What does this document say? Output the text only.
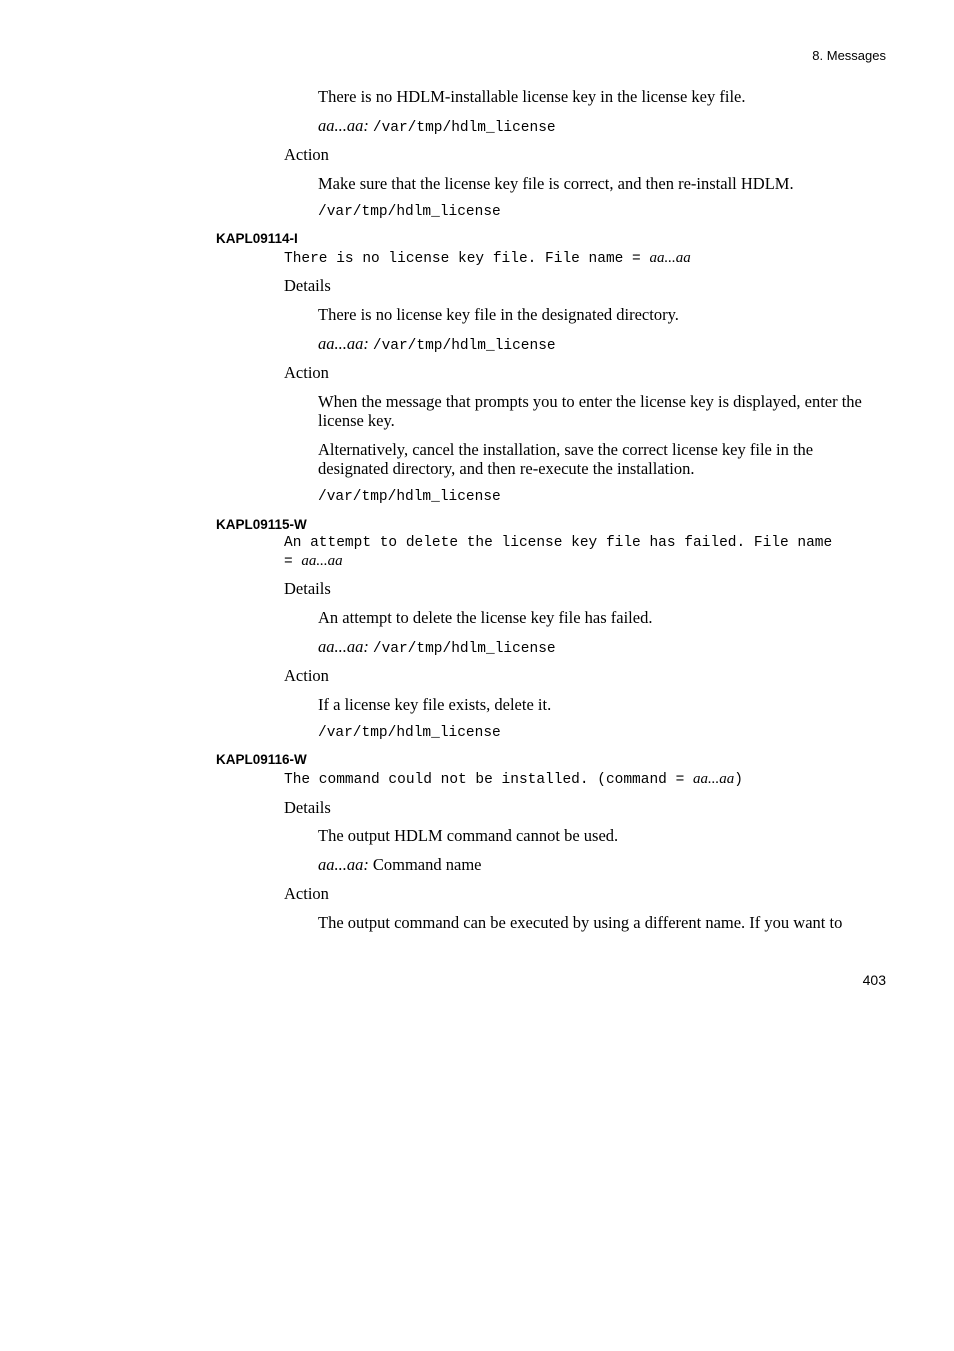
8. Messages
There is no HDLM-installable license key in the license key file.
aa...aa: /var/tmp/hdlm_license
Action
Make sure that the license key file is correct, and then re-install HDLM.
/var/tmp/hdlm_license
KAPL09114-I
There is no license key file. File name = aa...aa
Details
There is no license key file in the designated directory.
aa...aa: /var/tmp/hdlm_license
Action
When the message that prompts you to enter the license key is displayed, enter the license key.
Alternatively, cancel the installation, save the correct license key file in the designated directory, and then re-execute the installation.
/var/tmp/hdlm_license
KAPL09115-W
An attempt to delete the license key file has failed. File name
= aa...aa
Details
An attempt to delete the license key file has failed.
aa...aa: /var/tmp/hdlm_license
Action
If a license key file exists, delete it.
/var/tmp/hdlm_license
KAPL09116-W
The command could not be installed. (command = aa...aa)
Details
The output HDLM command cannot be used.
aa...aa: Command name
Action
The output command can be executed by using a different name. If you want to
403
